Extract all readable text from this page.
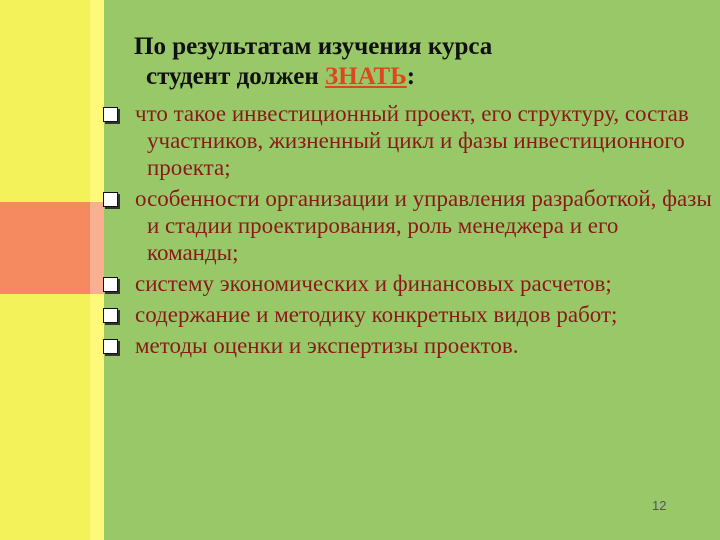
По результатам изучения курса
студент должен ЗНАТЬ:
что такое инвестиционный проект, его структуру, состав участников, жизненный цикл и фазы инвестиционного проекта;
особенности организации и управления разработкой, фазы и стадии проектирования, роль менеджера и его команды;
систему экономических и финансовых расчетов;
содержание и методику конкретных видов работ;
методы оценки и экспертизы проектов.
12
